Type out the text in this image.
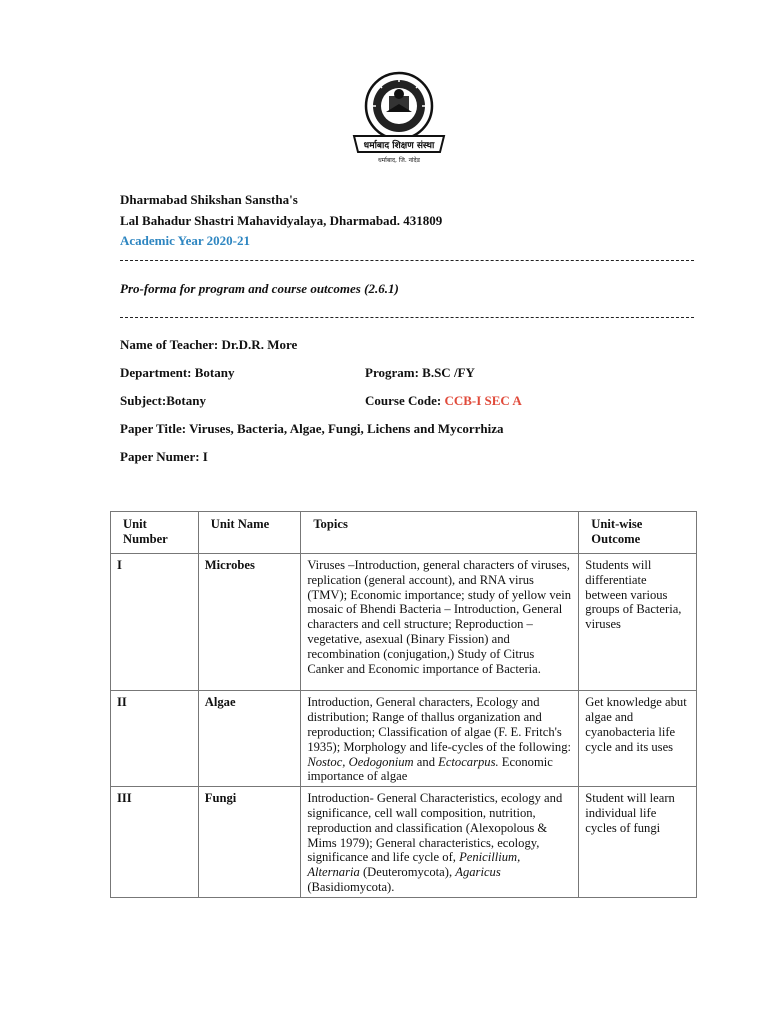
धर्माबाद शिक्षण संस्था
धर्माबाद, जि. नांदेड
Dharmabad Shikshan Sanstha's
Lal Bahadur Shastri Mahavidyalaya, Dharmabad. 431809
Academic Year 2020-21
Pro-forma for program and course outcomes (2.6.1)
Name of Teacher: Dr.D.R. More
Department: Botany	Program: B.SC /FY
Subject:Botany	Course Code: CCB-I SEC A
Paper Title: Viruses, Bacteria, Algae, Fungi, Lichens and Mycorrhiza
Paper Numer: I
Unit Number	Unit Name	Topics	Unit-wise Outcome
I	Microbes	Viruses –Introduction, general characters of viruses, replication (general account), and RNA virus (TMV); Economic importance; study of yellow vein mosaic of Bhendi Bacteria – Introduction, General characters and cell structure; Reproduction – vegetative, asexual (Binary Fission) and recombination (conjugation,) Study of Citrus Canker and Economic importance of Bacteria.	Students will differentiate between various groups of Bacteria, viruses
II	Algae	Introduction, General characters, Ecology and distribution; Range of thallus organization and reproduction; Classification of algae (F. E. Fritch's 1935); Morphology and life-cycles of the following: Nostoc, Oedogonium and Ectocarpus. Economic importance of algae	Get knowledge abut algae and cyanobacteria life cycle and its uses
III	Fungi	Introduction- General Characteristics, ecology and significance, cell wall composition, nutrition, reproduction and classification (Alexopolous & Mims 1979); General characteristics, ecology, significance and life cycle of, Penicillium, Alternaria (Deuteromycota), Agaricus (Basidiomycota).	Student will learn individual life cycles of fungi
